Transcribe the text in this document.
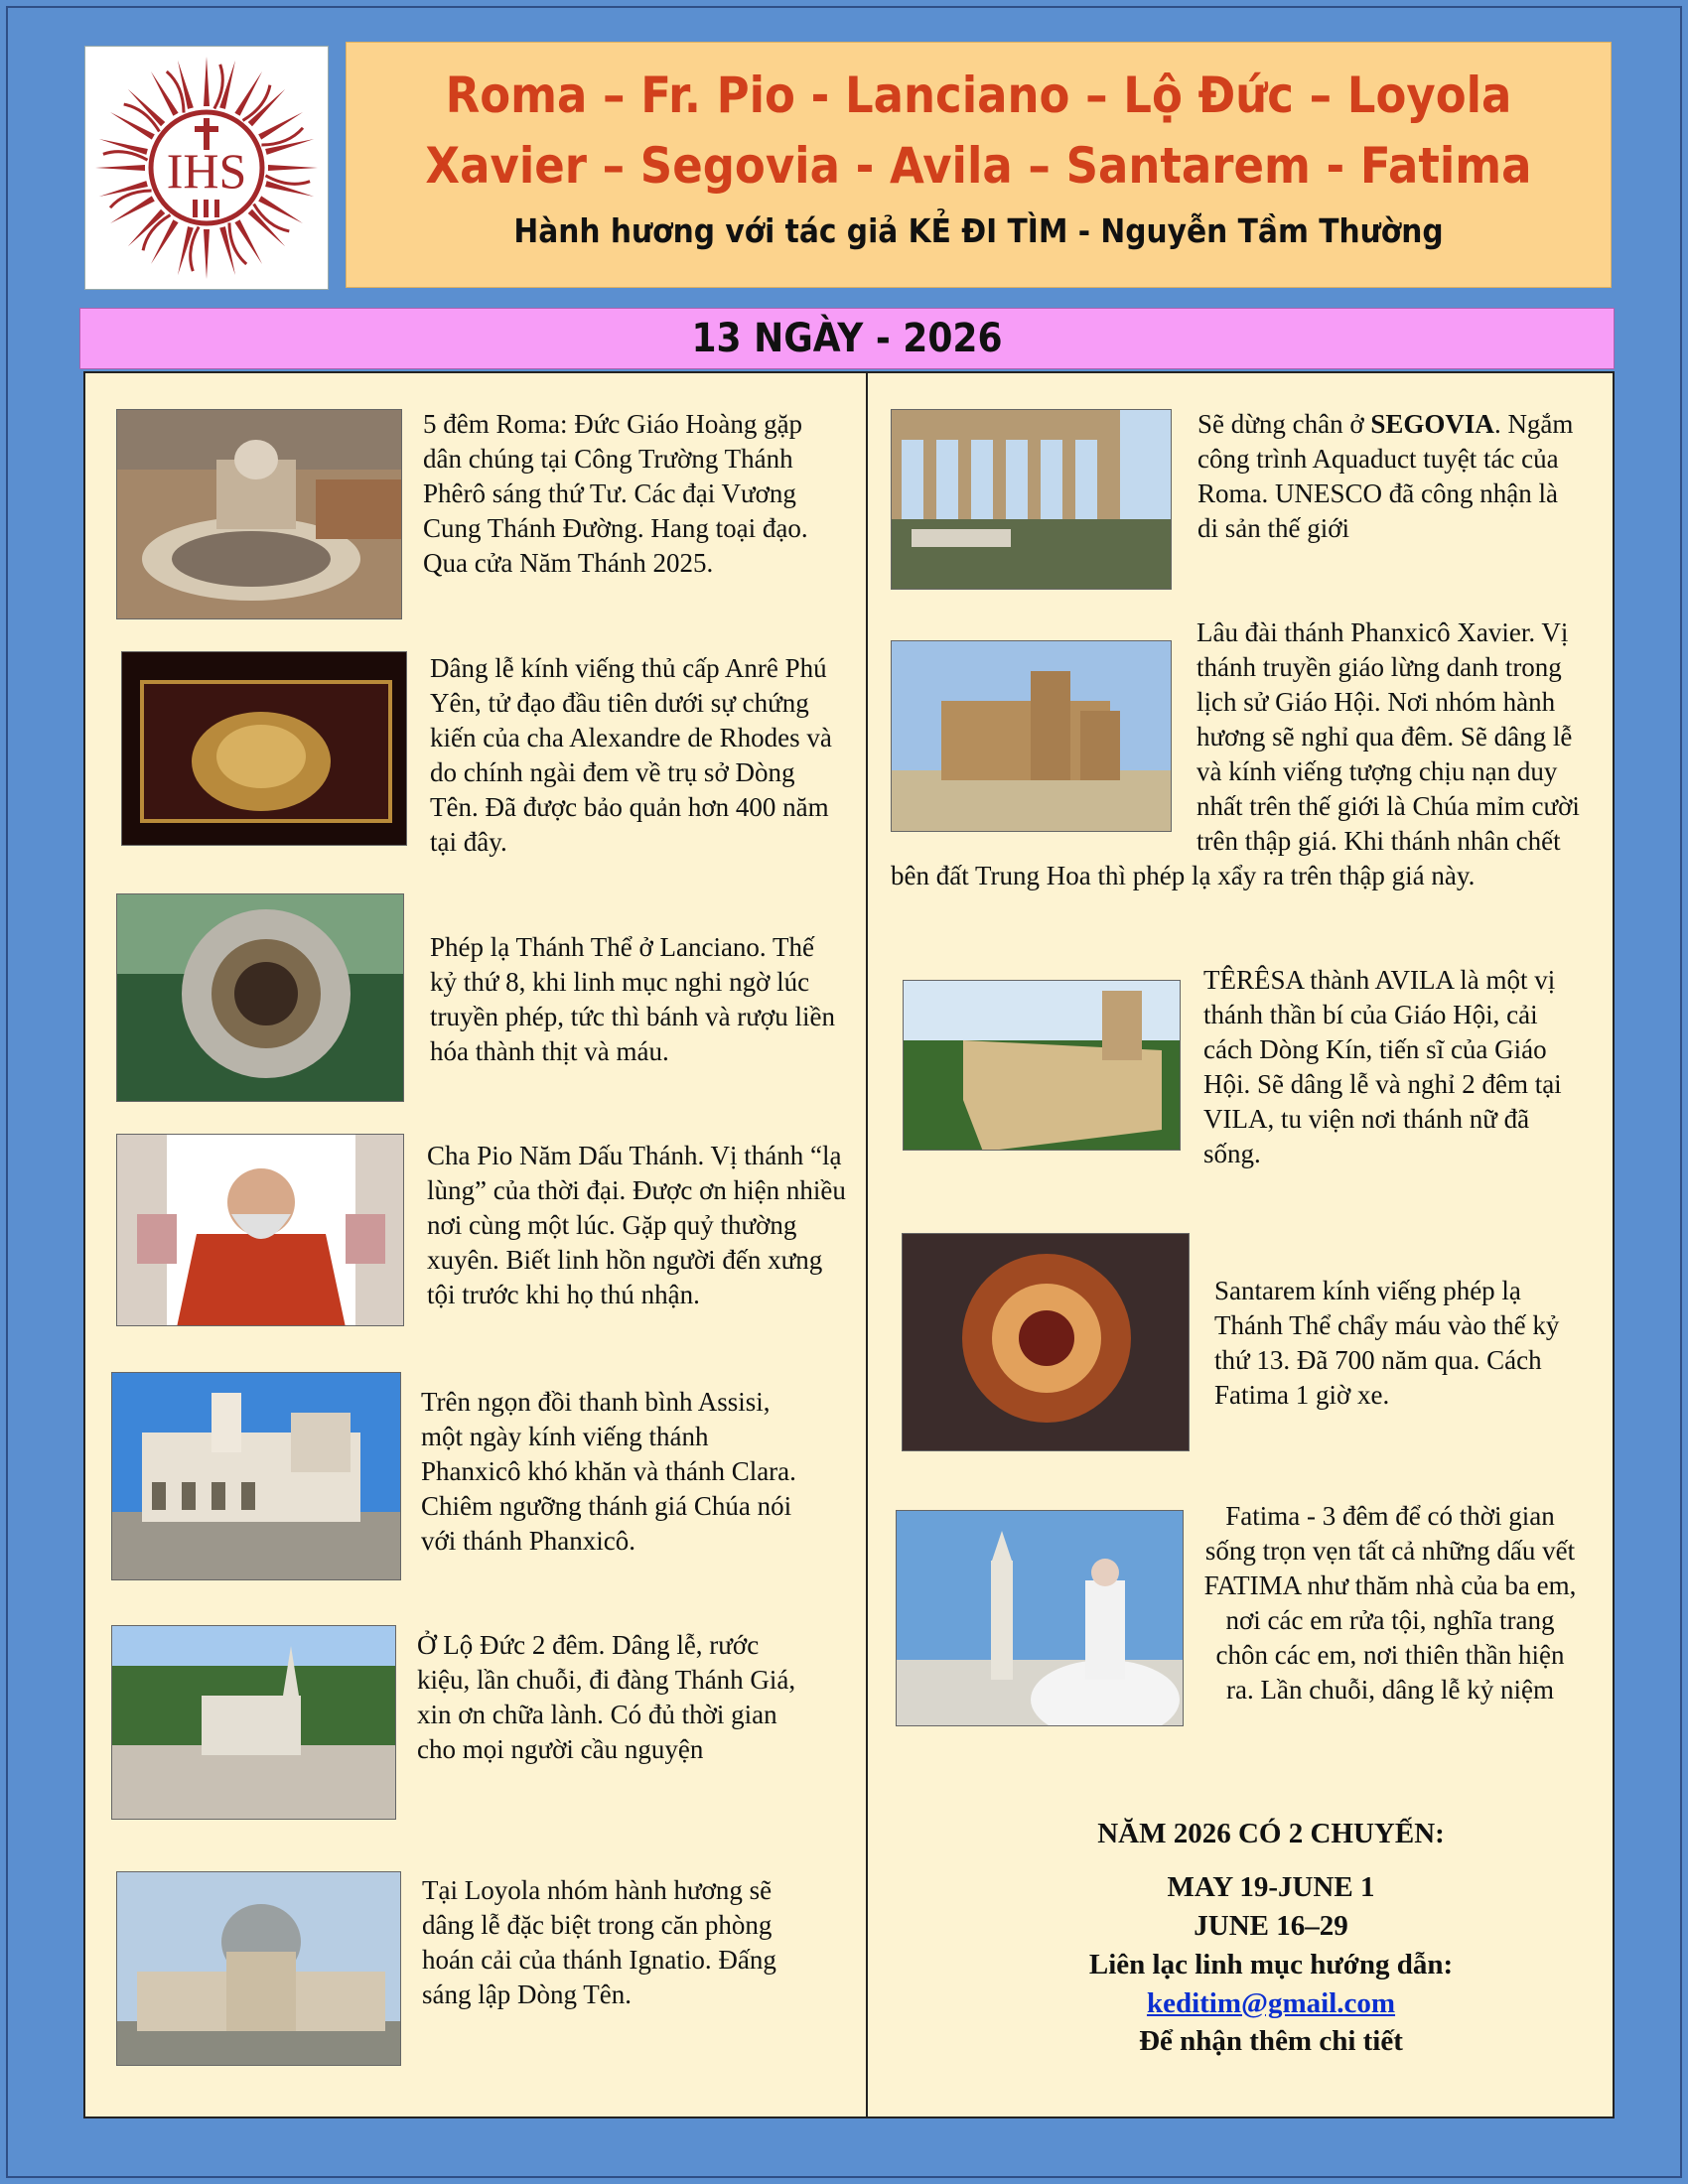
IHS
Roma – Fr. Pio - Lanciano – Lộ Đức – Loyola
Xavier – Segovia - Avila – Santarem - Fatima
Hành hương với tác giả KẺ ĐI TÌM - Nguyễn Tầm Thường
13 NGÀY - 2026
5 đêm Roma: Đức Giáo Hoàng gặp dân chúng tại Công Trường Thánh Phêrô sáng thứ Tư. Các đại Vương Cung Thánh Đường. Hang toại đạo. Qua cửa Năm Thánh 2025.
Dâng lễ kính viếng thủ cấp Anrê Phú Yên, tử đạo đầu tiên dưới sự chứng kiến của cha Alexandre de Rhodes và do chính ngài đem về trụ sở Dòng Tên. Đã được bảo quản hơn 400 năm tại đây.
Phép lạ Thánh Thể ở Lanciano. Thế kỷ thứ 8, khi linh mục nghi ngờ lúc truyền phép, tức thì bánh và rượu liền hóa thành thịt và máu.
Cha Pio Năm Dấu Thánh. Vị thánh “lạ lùng” của thời đại. Được ơn hiện nhiều nơi cùng một lúc. Gặp quỷ thường xuyên. Biết linh hồn người đến xưng tội trước khi họ thú nhận.
Trên ngọn đồi thanh bình Assisi, một ngày kính viếng thánh Phanxicô khó khăn và thánh Clara. Chiêm ngưỡng thánh giá Chúa nói với thánh Phanxicô.
Ở Lộ Đức 2 đêm. Dâng lễ, rước kiệu, lần chuỗi, đi đàng Thánh Giá, xin ơn chữa lành. Có đủ thời gian cho mọi người cầu nguyện
Tại Loyola nhóm hành hương sẽ dâng lễ đặc biệt trong căn phòng hoán cải của thánh Ignatio. Đấng sáng lập Dòng Tên.
Sẽ dừng chân ở SEGOVIA. Ngắm công trình Aquaduct tuyệt tác của Roma. UNESCO đã công nhận là di sản thế giới
Lâu đài thánh Phanxicô Xavier. Vị thánh truyền giáo lừng danh trong lịch sử Giáo Hội. Nơi nhóm hành hương sẽ nghỉ qua đêm. Sẽ dâng lễ và kính viếng tượng chịu nạn duy nhất trên thế giới là Chúa mỉm cười trên thập giá. Khi thánh nhân chết bên đất Trung Hoa thì phép lạ xẩy ra trên thập giá này.
TÊRÊSA thành AVILA là một vị thánh thần bí của Giáo Hội, cải cách Dòng Kín, tiến sĩ của Giáo Hội. Sẽ dâng lễ và nghỉ 2 đêm tại VILA, tu viện nơi thánh nữ đã sống.
Santarem kính viếng phép lạ Thánh Thể chẩy máu vào thế kỷ thứ 13. Đã 700 năm qua. Cách Fatima 1 giờ xe.
Fatima - 3 đêm để có thời gian sống trọn vẹn tất cả những dấu vết FATIMA như thăm nhà của ba em, nơi các em rửa tội, nghĩa trang chôn các em, nơi thiên thần hiện ra. Lần chuỗi, dâng lễ kỷ niệm
NĂM 2026 CÓ 2 CHUYẾN:
MAY 19-JUNE 1
JUNE 16–29
Liên lạc linh mục hướng dẫn:
keditim@gmail.com
Để nhận thêm chi tiết
